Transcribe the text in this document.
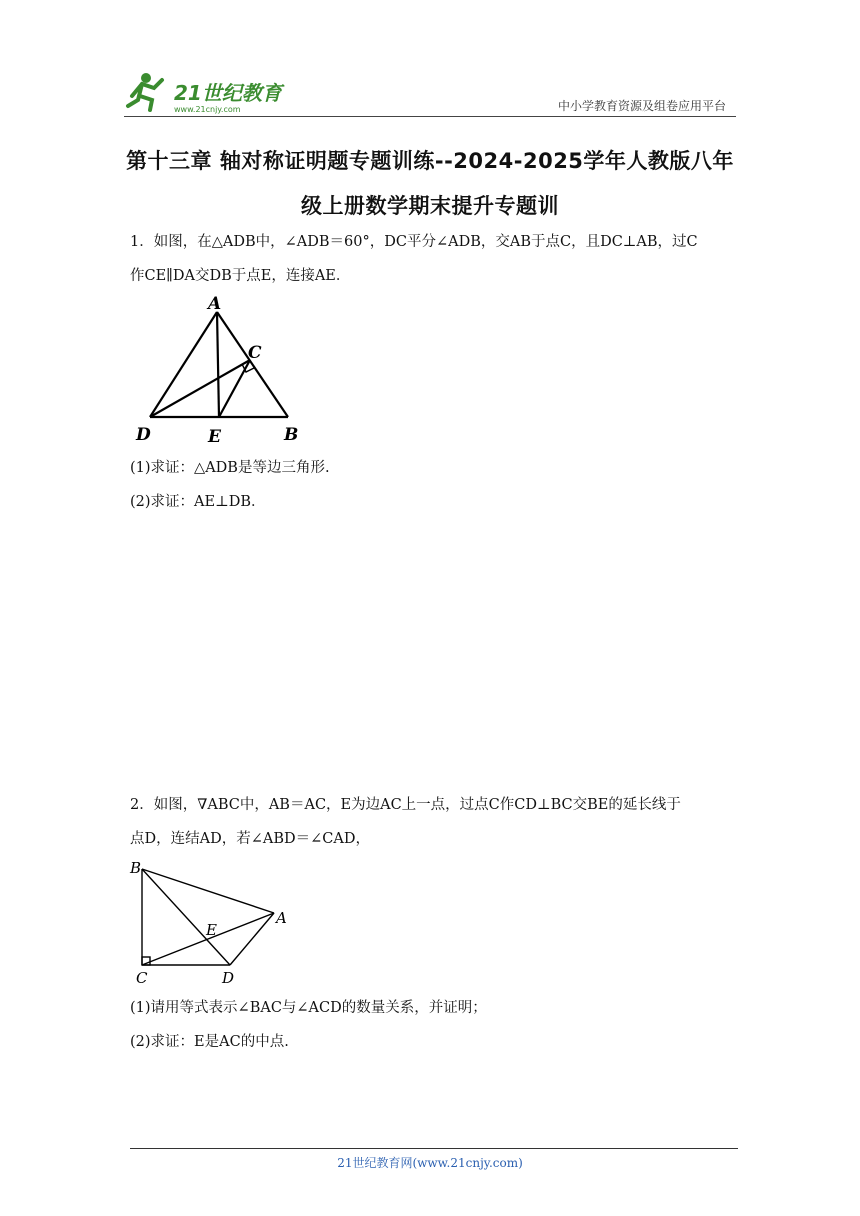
21世纪教育
www.21cnjy.com	中小学教育资源及组卷应用平台
第十三章 轴对称证明题专题训练--2024-2025学年人教版八年
级上册数学期末提升专题训
1．如图，在△ADB中，∠ADB＝60°，DC平分∠ADB，交AB于点C，且DC⊥AB，过C
作CE∥DA交DB于点E，连接AE．
A
C
D	E	B
(1)求证：△ADB是等边三角形.
(2)求证：AE⊥DB．
2．如图，∇ABC中，AB＝AC，E为边AC上一点，过点C作CD⊥BC交BE的延长线于
点D，连结AD，若∠ABD＝∠CAD，
B
A
E
C	D
(1)请用等式表示∠BAC与∠ACD的数量关系，并证明；
(2)求证：E是AC的中点.
21世纪教育网(www.21cnjy.com)
